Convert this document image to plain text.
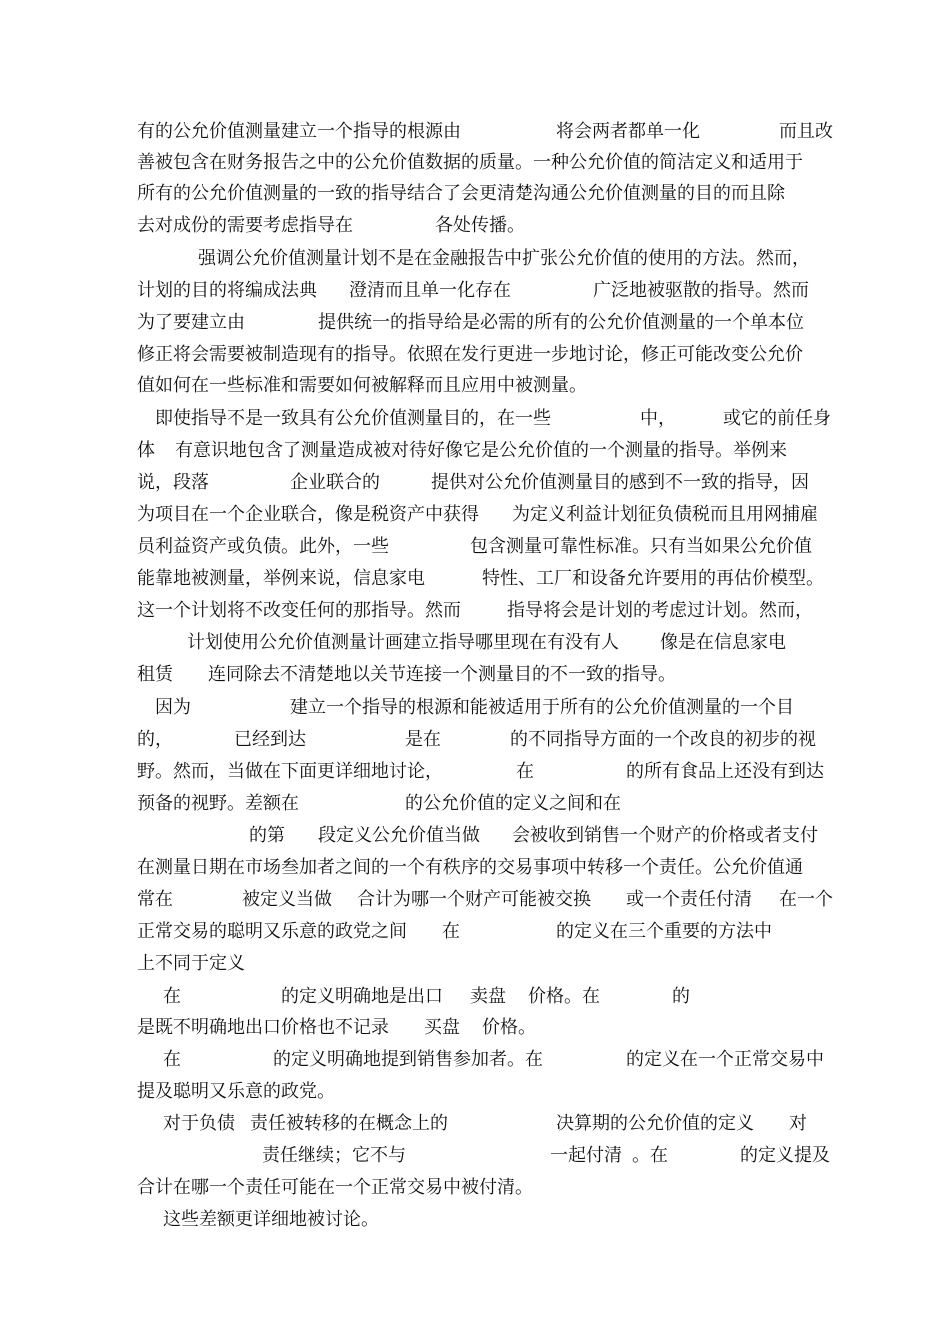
有的公允价值测量建立一个指导的根源由

	将会两者都单一化

	而且改

善被包含在财务报告之中的公允价值数据的质量。一种公允价值的简洁定义和适用于

所有的公允价值测量的一致的指导结合了会更清楚沟通公允价值测量的目的而且除

去对成份的需要考虑指导在

	各处传播。

强调公允价值测量计划不是在金融报告中扩张公允价值的使用的方法。然而，

计划的目的将编成法典

澄清而且单一化存在

	广泛地被驱散的指导。然而

为了要建立由

	提供统一的指导给是必需的所有的公允价值测量的一个单本位

修正将会需要被制造现有的指导。依照在发行更进一步地讨论，修正可能改变公允价

值如何在一些标准和需要如何被解释而且应用中被测量。

即使指导不是一致具有公允价值测量目的，在一些

	中，

	或它的前任身

体

有意识地包含了测量造成被对待好像它是公允价值的一个测量的指导。举例来

说，段落

	企业联合的

	提供对公允价值测量目的感到不一致的指导，因

为项目在一个企业联合，像是税资产中获得

为定义利益计划征负债税而且用网捕雇

员利益资产或负债。此外，一些

	包含测量可靠性标准。只有当如果公允价值

能靠地被测量，举例来说，信息家电

	特性、工厂和设备允许要用的再估价模型。

这一个计划将不改变任何的那指导。然而

	指导将会是计划的考虑过计划。然而，

计划使用公允价值测量计画建立指导哪里现在有没有人

像是在信息家电

租赁

连同除去不清楚地以关节连接一个测量目的不一致的指导。

因为

	建立一个指导的根源和能被适用于所有的公允价值测量的一个目

的，

	已经到达

	是在

	的不同指导方面的一个改良的初步的视

野。然而，当做在下面更详细地讨论，

	在

	的所有食品上还没有到达

预备的视野。差额在

	的公允价值的定义之间和在

的第

段定义公允价值当做

会被收到销售一个财产的价格或者支付

在测量日期在市场叁加者之间的一个有秩序的交易事项中转移一个责任。公允价值通

常在

	被定义当做

合计为哪一个财产可能被交换

或一个责任付清

在一个

正常交易的聪明又乐意的政党之间

在

	的定义在三个重要的方法中

上不同于定义

在

	的定义明确地是出口

卖盘

价格。在

	的

是既不明确地出口价格也不记录

买盘

价格。

在

	的定义明确地提到销售参加者。在

	的定义在一个正常交易中

提及聪明又乐意的政党。

对于负债

责任被转移的在概念上的

	决算期的公允价值的定义

对

责任继续；它不与

	一起付清

。在

	的定义提及

合计在哪一个责任可能在一个正常交易中被付清。

这些差额更详细地被讨论。
